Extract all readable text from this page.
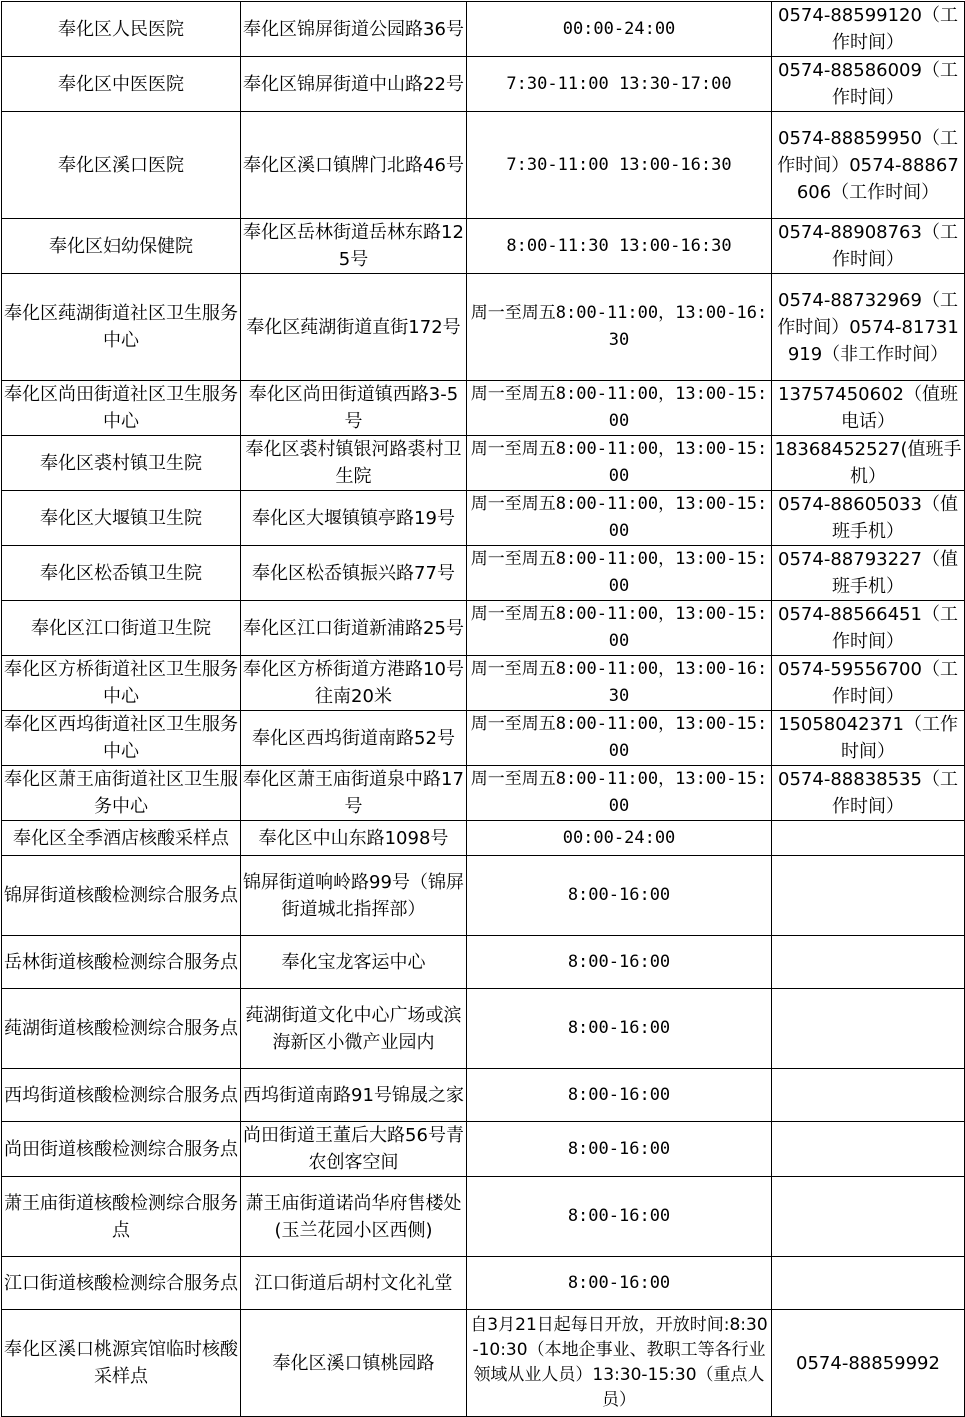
奉化区人民医院	奉化区锦屏街道公园路36号	00:00-24:00	0574-88599120（工作时间）
奉化区中医医院	奉化区锦屏街道中山路22号	7:30-11:00 13:30-17:00	0574-88586009（工作时间）
奉化区溪口医院	奉化区溪口镇牌门北路46号	7:30-11:00 13:00-16:30	0574-88859950（工作时间）0574-88867606（工作时间）
奉化区妇幼保健院	奉化区岳林街道岳林东路125号	8:00-11:30 13:00-16:30	0574-88908763（工作时间）
奉化区莼湖街道社区卫生服务中心	奉化区莼湖街道直街172号	周一至周五8:00-11:00，13:00-16:30	0574-88732969（工作时间）0574-81731919（非工作时间）
奉化区尚田街道社区卫生服务中心	奉化区尚田街道镇西路3-5号	周一至周五8:00-11:00，13:00-15:00	13757450602（值班电话）
奉化区裘村镇卫生院	奉化区裘村镇银河路裘村卫生院	周一至周五8:00-11:00，13:00-15:00	18368452527(值班手机）
奉化区大堰镇卫生院	奉化区大堰镇镇亭路19号	周一至周五8:00-11:00，13:00-15:00	0574-88605033（值班手机）
奉化区松岙镇卫生院	奉化区松岙镇振兴路77号	周一至周五8:00-11:00，13:00-15:00	0574-88793227（值班手机）
奉化区江口街道卫生院	奉化区江口街道新浦路25号	周一至周五8:00-11:00，13:00-15:00	0574-88566451（工作时间）
奉化区方桥街道社区卫生服务中心	奉化区方桥街道方港路10号往南20米	周一至周五8:00-11:00，13:00-16:30	0574-59556700（工作时间）
奉化区西坞街道社区卫生服务中心	奉化区西坞街道南路52号	周一至周五8:00-11:00，13:00-15:00	15058042371（工作时间）
奉化区萧王庙街道社区卫生服务中心	奉化区萧王庙街道泉中路17号	周一至周五8:00-11:00，13:00-15:00	0574-88838535（工作时间）
奉化区全季酒店核酸采样点	奉化区中山东路1098号	00:00-24:00	
锦屏街道核酸检测综合服务点	锦屏街道响岭路99号（锦屏街道城北指挥部）	8:00-16:00	
岳林街道核酸检测综合服务点	奉化宝龙客运中心	8:00-16:00	
莼湖街道核酸检测综合服务点	莼湖街道文化中心广场或滨海新区小微产业园内	8:00-16:00	
西坞街道核酸检测综合服务点	西坞街道南路91号锦晟之家	8:00-16:00	
尚田街道核酸检测综合服务点	尚田街道王董后大路56号青农创客空间	8:00-16:00	
萧王庙街道核酸检测综合服务点	萧王庙街道诺尚华府售楼处(玉兰花园小区西侧)	8:00-16:00	
江口街道核酸检测综合服务点	江口街道后胡村文化礼堂	8:00-16:00	
奉化区溪口桃源宾馆临时核酸采样点	奉化区溪口镇桃园路	自3月21日起每日开放，开放时间:8:30-10:30（本地企事业、教职工等各行业领域从业人员）13:30-15:30（重点人员）	0574-88859992
